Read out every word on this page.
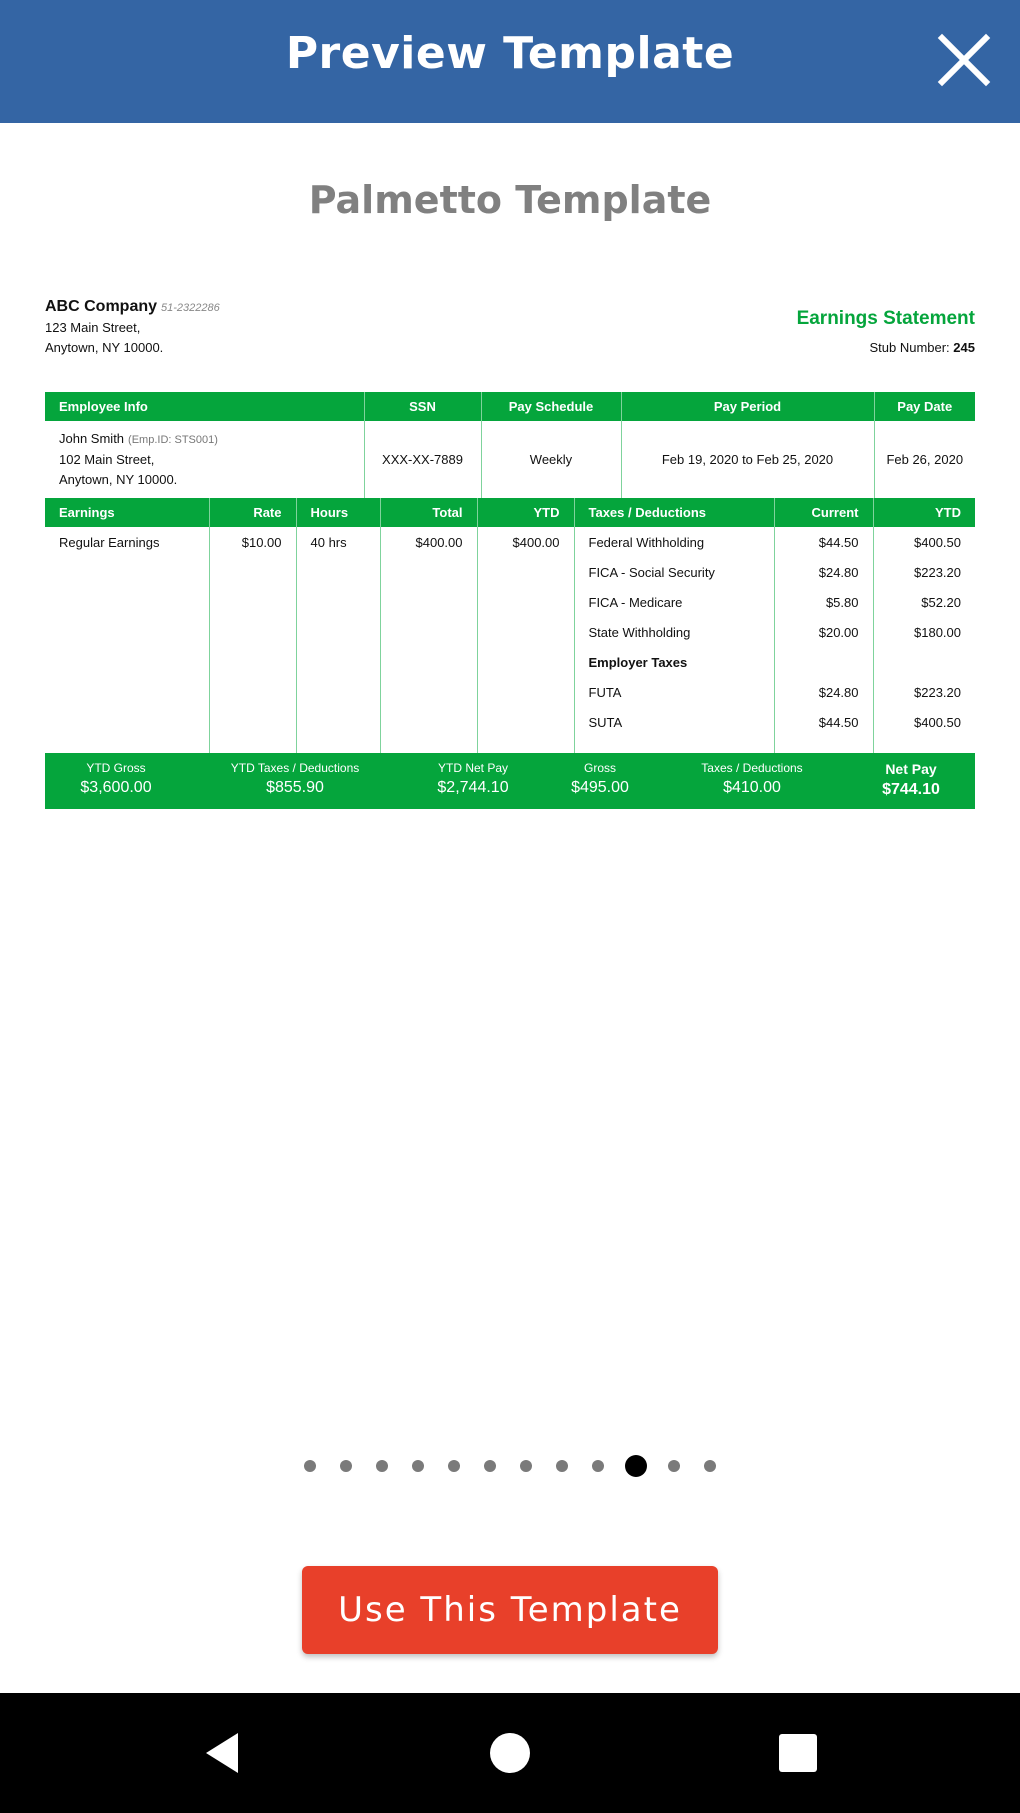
Preview Template
Palmetto Template
ABC Company 51-2322286
123 Main Street,
Anytown, NY 10000.
Earnings Statement
Stub Number: 245
Employee Info	SSN	Pay Schedule	Pay Period	Pay Date

John Smith (Emp.ID: STS001)
102 Main Street,
Anytown, NY 10000.	XXX-XX-7889	Weekly	Feb 19, 2020 to Feb 25, 2020	Feb 26, 2020
Earnings	Rate	Hours	Total	YTD	Taxes / Deductions	Current	YTD
Regular Earnings	$10.00	40 hrs	$400.00	$400.00	Federal Withholding	$44.50	$400.50
					FICA - Social Security	$24.80	$223.20
					FICA - Medicare	$5.80	$52.20
					State Withholding	$20.00	$180.00
					Employer Taxes		
					FUTA	$24.80	$223.20
					SUTA	$44.50	$400.50

YTD Gross
$3,600.00
YTD Taxes / Deductions
$855.90
YTD Net Pay
$2,744.10
Gross
$495.00
Taxes / Deductions
$410.00
Net Pay
$744.10
Use This Template
